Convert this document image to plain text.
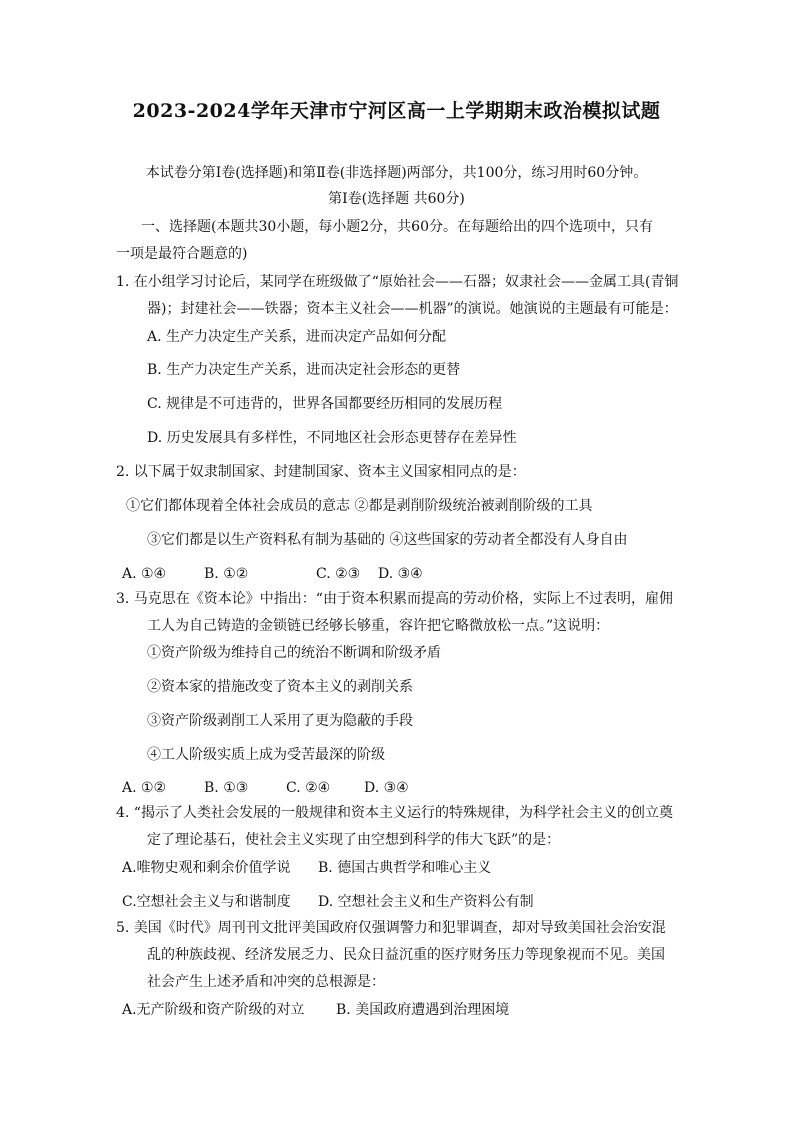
2023-2024学年天津市宁河区高一上学期期末政治模拟试题
本试卷分第Ⅰ卷(选择题)和第Ⅱ卷(非选择题)两部分，共100分，练习用时60分钟。
第Ⅰ卷(选择题 共60分)
一、选择题(本题共30小题，每小题2分，共60分。在每题给出的四个选项中，只有
一项是最符合题意的)
1. 在小组学习讨论后，某同学在班级做了“原始社会——石器；奴隶社会——金属工具(青铜
器)；封建社会——铁器；资本主义社会——机器”的演说。她演说的主题最有可能是：
A. 生产力决定生产关系，进而决定产品如何分配
B. 生产力决定生产关系，进而决定社会形态的更替
C. 规律是不可违背的，世界各国都要经历相同的发展历程
D. 历史发展具有多样性，不同地区社会形态更替存在差异性
2. 以下属于奴隶制国家、封建制国家、资本主义国家相同点的是：
①它们都体现着全体社会成员的意志 ②都是剥削阶级统治被剥削阶级的工具
③它们都是以生产资料私有制为基础的 ④这些国家的劳动者全都没有人身自由
A. ①④	B. ①②	C. ②③ D. ③④
3. 马克思在《资本论》中指出：“由于资本积累而提高的劳动价格，实际上不过表明，雇佣
工人为自己铸造的金锁链已经够长够重，容许把它略微放松一点。”这说明：
①资产阶级为维持自己的统治不断调和阶级矛盾
②资本家的措施改变了资本主义的剥削关系
③资产阶级剥削工人采用了更为隐蔽的手段
④工人阶级实质上成为受苦最深的阶级
A. ①②	B. ①③	C. ②④ D. ③④
4. “揭示了人类社会发展的一般规律和资本主义运行的特殊规律，为科学社会主义的创立奠
定了理论基石，使社会主义实现了由空想到科学的伟大飞跃”的是：
A.唯物史观和剩余价值学说 B. 德国古典哲学和唯心主义
C.空想社会主义与和谐制度 D. 空想社会主义和生产资料公有制
5. 美国《时代》周刊刊文批评美国政府仅强调警力和犯罪调查，却对导致美国社会治安混
乱的种族歧视、经济发展乏力、民众日益沉重的医疗财务压力等现象视而不见。美国
社会产生上述矛盾和冲突的总根源是：
A.无产阶级和资产阶级的对立 B. 美国政府遭遇到治理困境
